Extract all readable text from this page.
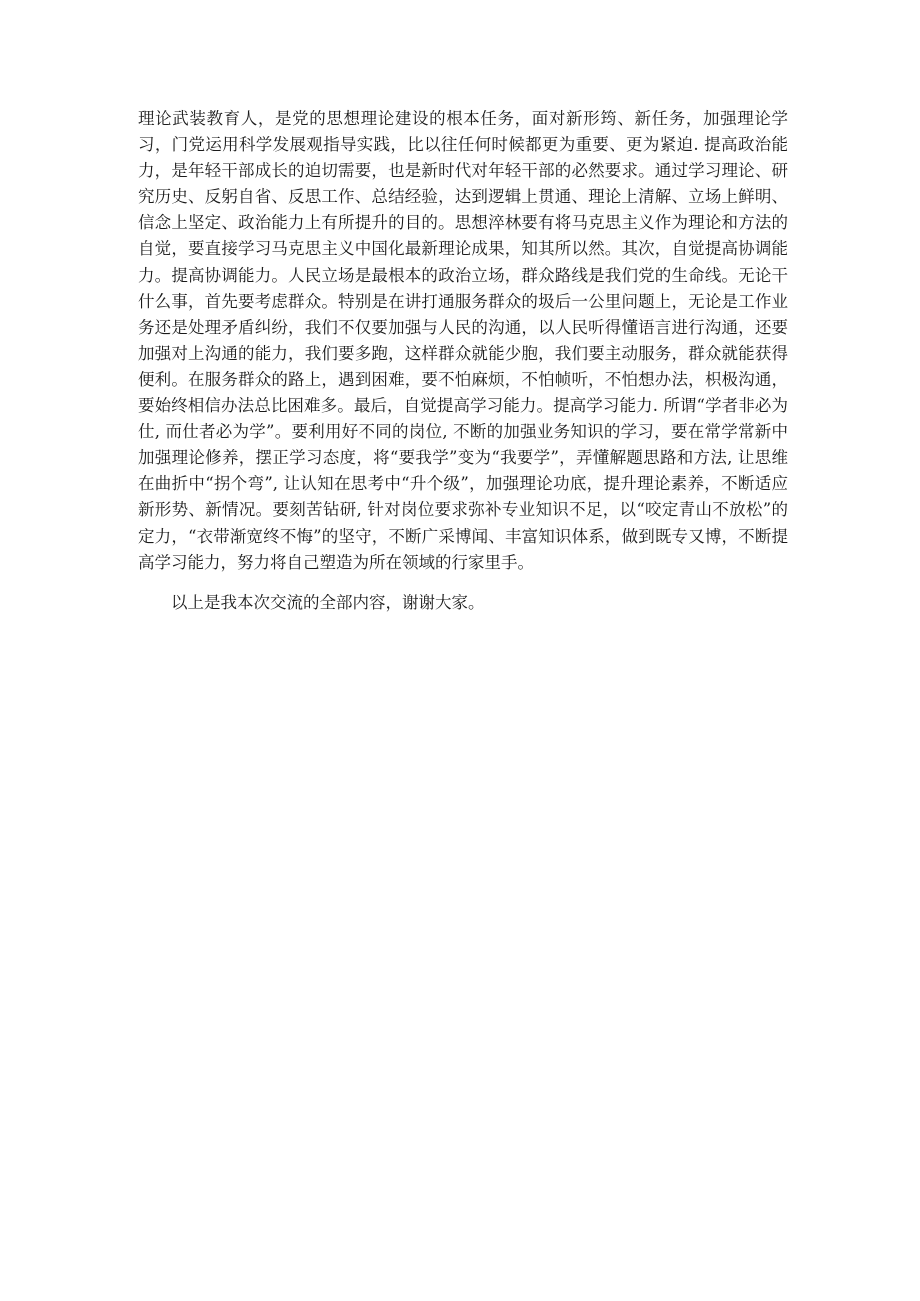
理论武装教育人，是党的思想理论建设的根本任务，面对新形筠、新任务，加强理论学习，门党运用科学发展观指导实践，比以往任何时候都更为重要、更为紧迫. 提高政治能力，是年轻干部成长的迫切需要，也是新时代对年轻干部的必然要求。通过学习理论、研究历史、反躬自省、反思工作、总结经验，达到逻辑上贯通、理论上清解、立场上鲜明、信念上坚定、政治能力上有所提升的目的。思想淬林要有将马克思主义作为理论和方法的自觉，要直接学习马克思主义中国化最新理论成果，知其所以然。其次，自觉提高协调能力。提高协调能力。人民立场是最根本的政治立场，群众路线是我们党的生命线。无论干什么事，首先要考虑群众。特别是在讲打通服务群众的圾后一公里问题上，无论是工作业务还是处理矛盾纠纷，我们不仅要加强与人民的沟通，以人民听得懂语言进行沟通，还要加强对上沟通的能力，我们要多跑，这样群众就能少胞，我们要主动服务，群众就能获得便利。在服务群众的路上，遇到困难，要不怕麻烦，不怕帧听，不怕想办法，枳极沟通，要始终相信办法总比困难多。最后，自觉提高学习能力。提高学习能力. 所谓“学者非必为仕, 而仕者必为学”。要利用好不同的岗位, 不断的加强业务知识的学习，要在常学常新中加强理论修养，摆正学习态度，将“要我学”变为“我要学”，弄懂解题思路和方法, 让思维在曲折中“拐个弯”, 让认知在思考中“升个级”，加强理论功底，提升理论素养，不断适应新形势、新情况。要刻苦钻研, 针对岗位要求弥补专业知识不足，以“咬定青山不放松”的定力，“衣带渐宽终不悔”的坚守，不断广采博闻、丰富知识体系，做到既专又博，不断提高学习能力，努力将自己塑造为所在领域的行家里手。

以上是我本次交流的全部内容，谢谢大家。
